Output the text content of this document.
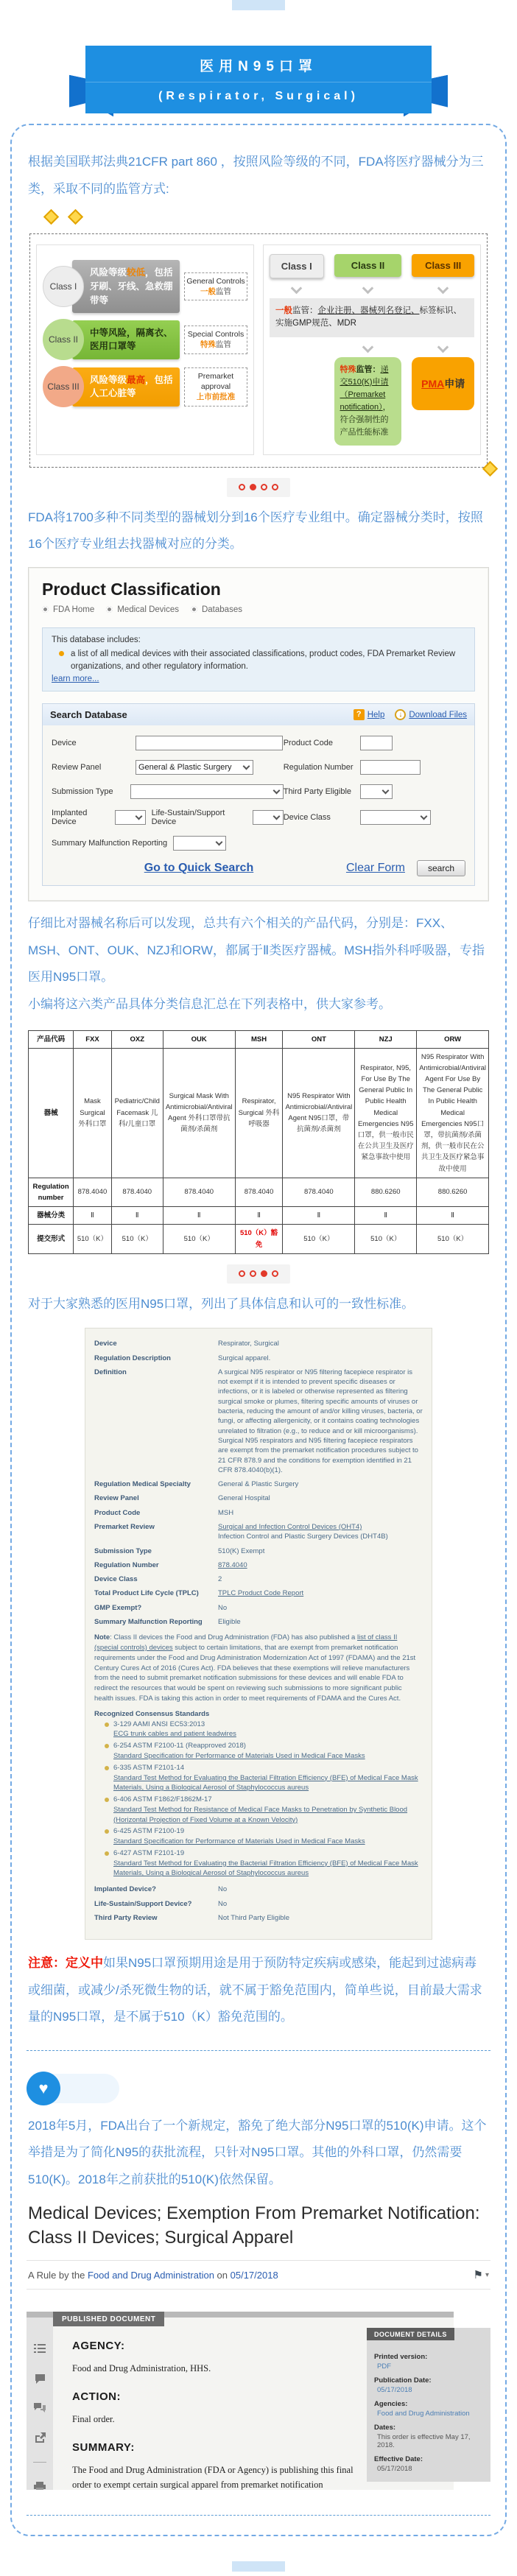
医用N95口罩
(Respirator, Surgical)

根据美国联邦法典21CFR part 860 ，按照风险等级的不同，FDA将医疗器械分为三类，采取不同的监管方式:

Class I
风险等级较低，包括牙刷、牙线、急救绷带等
General Controls
一般监管
Class II
中等风险，隔离衣、医用口罩等
Special Controls
特殊监管
Class III
风险等级最高，包括人工心脏等
Premarket approval
上市前批准
Class I	Class II	Class III
一般监管：企业注册、器械列名登记、标签标识、实施GMP规范、MDR
特殊监管：递交510(K)申请（Premarket notification），符合强制性的产品性能标准
PMA申请

FDA将1700多种不同类型的器械划分到16个医疗专业组中。确定器械分类时，按照16个医疗专业组去找器械对应的分类。

Product Classification
FDA Home	Medical Devices	Databases
This database includes:
a list of all medical devices with their associated classifications, product codes, FDA Premarket Review organizations, and other regulatory information.
learn more...
Search Database	? Help	↓ Download Files
Device	Product Code
Review Panel	General & Plastic Surgery	Regulation Number
Submission Type	Third Party Eligible
Implanted Device
Life-Sustain/Support Device	Device Class
Summary Malfunction Reporting
Go to Quick Search	Clear Form	search

仔细比对器械名称后可以发现，总共有六个相关的产品代码，分别是：FXX、MSH、ONT、OUK、NZJ和ORW，都属于Ⅱ类医疗器械。MSH指外科呼吸器，专指医用N95口罩。
小编将这六类产品具体分类信息汇总在下列表格中，供大家参考。

产品代码	FXX	OXZ	OUK	MSH	ONT	NZJ	ORW
器械	Mask Surgical 外科口罩	Pediatric/Child Facemask 儿科/儿童口罩	Surgical Mask With Antimicrobial/Antiviral Agent 外科口罩带抗菌剂/杀菌剂	Respirator, Surgical 外科呼吸器	N95 Respirator With Antimicrobial/Antiviral Agent N95口罩，带抗菌剂/杀菌剂	Respirator, N95, For Use By The General Public In Public Health Medical Emergencies N95口罩，供一般市民在公共卫生及医疗紧急事故中使用	N95 Respirator With Antimicrobial/Antiviral Agent For Use By The General Public In Public Health Medical Emergencies N95口罩，带抗菌剂/杀菌剂，供一般市民在公共卫生及医疗紧急事故中使用
Regulation number	878.4040	878.4040	878.4040	878.4040	878.4040	880.6260	880.6260
器械分类	Ⅱ	Ⅱ	Ⅱ	Ⅱ	Ⅱ	Ⅱ	Ⅱ
提交形式	510（K）	510（K）	510（K）	510（K）豁免	510（K）	510（K）	510（K）

对于大家熟悉的医用N95口罩，列出了具体信息和认可的一致性标准。

Device	Respirator, Surgical
Regulation Description	Surgical apparel.
Definition	A surgical N95 respirator or N95 filtering facepiece respirator is not exempt if it is intended to prevent specific diseases or infections, or it is labeled or otherwise represented as filtering surgical smoke or plumes, filtering specific amounts of viruses or bacteria, reducing the amount of and/or killing viruses, bacteria, or fungi, or affecting allergenicity, or it contains coating technologies unrelated to filtration (e.g., to reduce and or kill microorganisms). Surgical N95 respirators and N95 filtering facepiece respirators are exempt from the premarket notification procedures subject to 21 CFR 878.9 and the conditions for exemption identified in 21 CFR 878.4040(b)(1).
Regulation Medical Specialty	General & Plastic Surgery
Review Panel	General Hospital
Product Code	MSH
Premarket Review	Surgical and Infection Control Devices (OHT4)
Infection Control and Plastic Surgery Devices (DHT4B)
Submission Type	510(K) Exempt
Regulation Number	878.4040
Device Class	2
Total Product Life Cycle (TPLC)	TPLC Product Code Report
GMP Exempt?	No
Summary Malfunction Reporting	Eligible
Note: Class II devices the Food and Drug Administration (FDA) has also published a list of class II (special controls) devices subject to certain limitations, that are exempt from premarket notification requirements under the Food and Drug Administration Modernization Act of 1997 (FDAMA) and the 21st Century Cures Act of 2016 (Cures Act). FDA believes that these exemptions will relieve manufacturers from the need to submit premarket notification submissions for these devices and will enable FDA to redirect the resources that would be spent on reviewing such submissions to more significant public health issues. FDA is taking this action in order to meet requirements of FDAMA and the Cures Act.
Recognized Consensus Standards
3-129 AAMI ANSI EC53:2013
ECG trunk cables and patient leadwires
6-254 ASTM F2100-11 (Reapproved 2018)
Standard Specification for Performance of Materials Used in Medical Face Masks
6-335 ASTM F2101-14
Standard Test Method for Evaluating the Bacterial Filtration Efficiency (BFE) of Medical Face Mask Materials, Using a Biological Aerosol of Staphylococcus aureus
6-406 ASTM F1862/F1862M-17
Standard Test Method for Resistance of Medical Face Masks to Penetration by Synthetic Blood (Horizontal Projection of Fixed Volume at a Known Velocity)
6-425 ASTM F2100-19
Standard Specification for Performance of Materials Used in Medical Face Masks
6-427 ASTM F2101-19
Standard Test Method for Evaluating the Bacterial Filtration Efficiency (BFE) of Medical Face Mask Materials, Using a Biological Aerosol of Staphylococcus aureus
Implanted Device?	No
Life-Sustain/Support Device?	No
Third Party Review	Not Third Party Eligible

注意：定义中如果N95口罩预期用途是用于预防特定疾病或感染，能起到过滤病毒或细菌，或减少/杀死微生物的话，就不属于豁免范围内，简单些说，目前最大需求量的N95口罩，是不属于510（K）豁免范围的。

♥	豁免

2018年5月，FDA出台了一个新规定，豁免了绝大部分N95口罩的510(K)申请。这个举措是为了简化N95的获批流程，只针对N95口罩。其他的外科口罩，仍然需要510(K)。2018年之前获批的510(K)依然保留。

Medical Devices; Exemption From Premarket Notification: Class II Devices; Surgical Apparel
A Rule by the Food and Drug Administration on 05/17/2018	⚑ ▾
PUBLISHED DOCUMENT
AGENCY:
Food and Drug Administration, HHS.
ACTION:
Final order.
SUMMARY:
The Food and Drug Administration (FDA or Agency) is publishing this final
order to exempt certain surgical apparel from premarket notification
DOCUMENT DETAILS
Printed version:
PDF
Publication Date:
05/17/2018
Agencies:
Food and Drug Administration
Dates:
This order is effective May 17, 2018.
Effective Date:
05/17/2018
